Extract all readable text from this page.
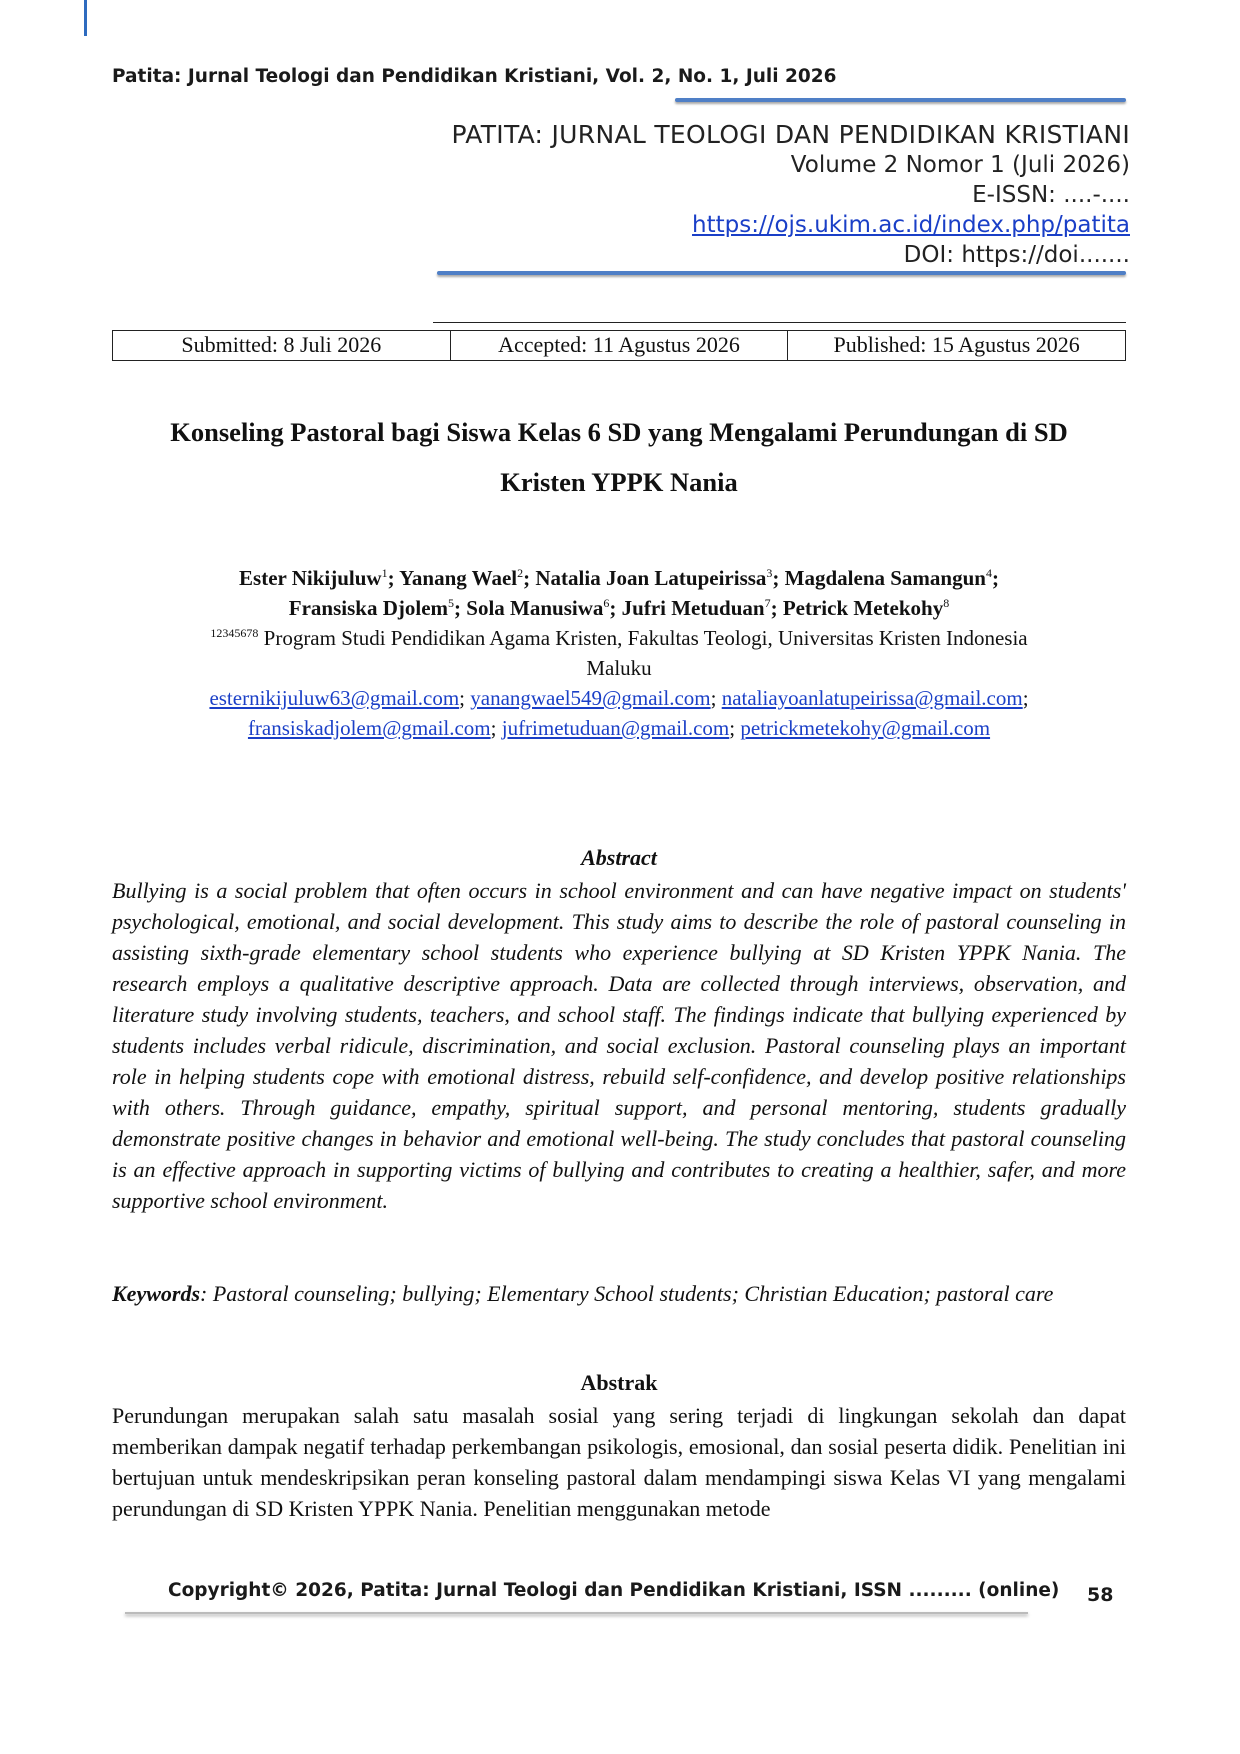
Patita: Jurnal Teologi dan Pendidikan Kristiani, Vol. 2, No. 1, Juli 2026
PATITA: JURNAL TEOLOGI DAN PENDIDIKAN KRISTIANI
Volume 2 Nomor 1 (Juli 2026)
E-ISSN: ....-....
https://ojs.ukim.ac.id/index.php/patita
DOI: https://doi.......
Submitted: 8 Juli 2026	Accepted: 11 Agustus 2026	Published: 15 Agustus 2026
Konseling Pastoral bagi Siswa Kelas 6 SD yang Mengalami Perundungan di SD
Kristen YPPK Nania
Ester Nikijuluw$^1$; Yanang Wael$^2$; Natalia Joan Latupeirissa$^3$; Magdalena Samangun$^4$;
Fransiska Djolem$^5$; Sola Manusiwa$^6$; Jufri Metuduan$^7$; Petrick Metekohy$^8$
$^{12345678}$ Program Studi Pendidikan Agama Kristen, Fakultas Teologi, Universitas Kristen Indonesia
Maluku
esternikijuluw63@gmail.com; yanangwael549@gmail.com; nataliayoanlatupeirissa@gmail.com;
fransiskadjolem@gmail.com; jufrimetuduan@gmail.com; petrickmetekohy@gmail.com
Abstract
Bullying is a social problem that often occurs in school environment and can have negative impact on students' psychological, emotional, and social development. This study aims to describe the role of pastoral counseling in assisting sixth-grade elementary school students who experience bullying at SD Kristen YPPK Nania. The research employs a qualitative descriptive approach. Data are collected through interviews, observation, and literature study involving students, teachers, and school staff. The findings indicate that bullying experienced by students includes verbal ridicule, discrimination, and social exclusion. Pastoral counseling plays an important role in helping students cope with emotional distress, rebuild self-confidence, and develop positive relationships with others. Through guidance, empathy, spiritual support, and personal mentoring, students gradually demonstrate positive changes in behavior and emotional well-being. The study concludes that pastoral counseling is an effective approach in supporting victims of bullying and contributes to creating a healthier, safer, and more supportive school environment.
Keywords: Pastoral counseling; bullying; Elementary School students; Christian Education; pastoral care
Abstrak
Perundungan merupakan salah satu masalah sosial yang sering terjadi di lingkungan sekolah dan dapat memberikan dampak negatif terhadap perkembangan psikologis, emosional, dan sosial peserta didik. Penelitian ini bertujuan untuk mendeskripsikan peran konseling pastoral dalam mendampingi siswa Kelas VI yang mengalami perundungan di SD Kristen YPPK Nania. Penelitian menggunakan metode
Copyright© 2026, Patita: Jurnal Teologi dan Pendidikan Kristiani, ISSN ......... (online) 58
